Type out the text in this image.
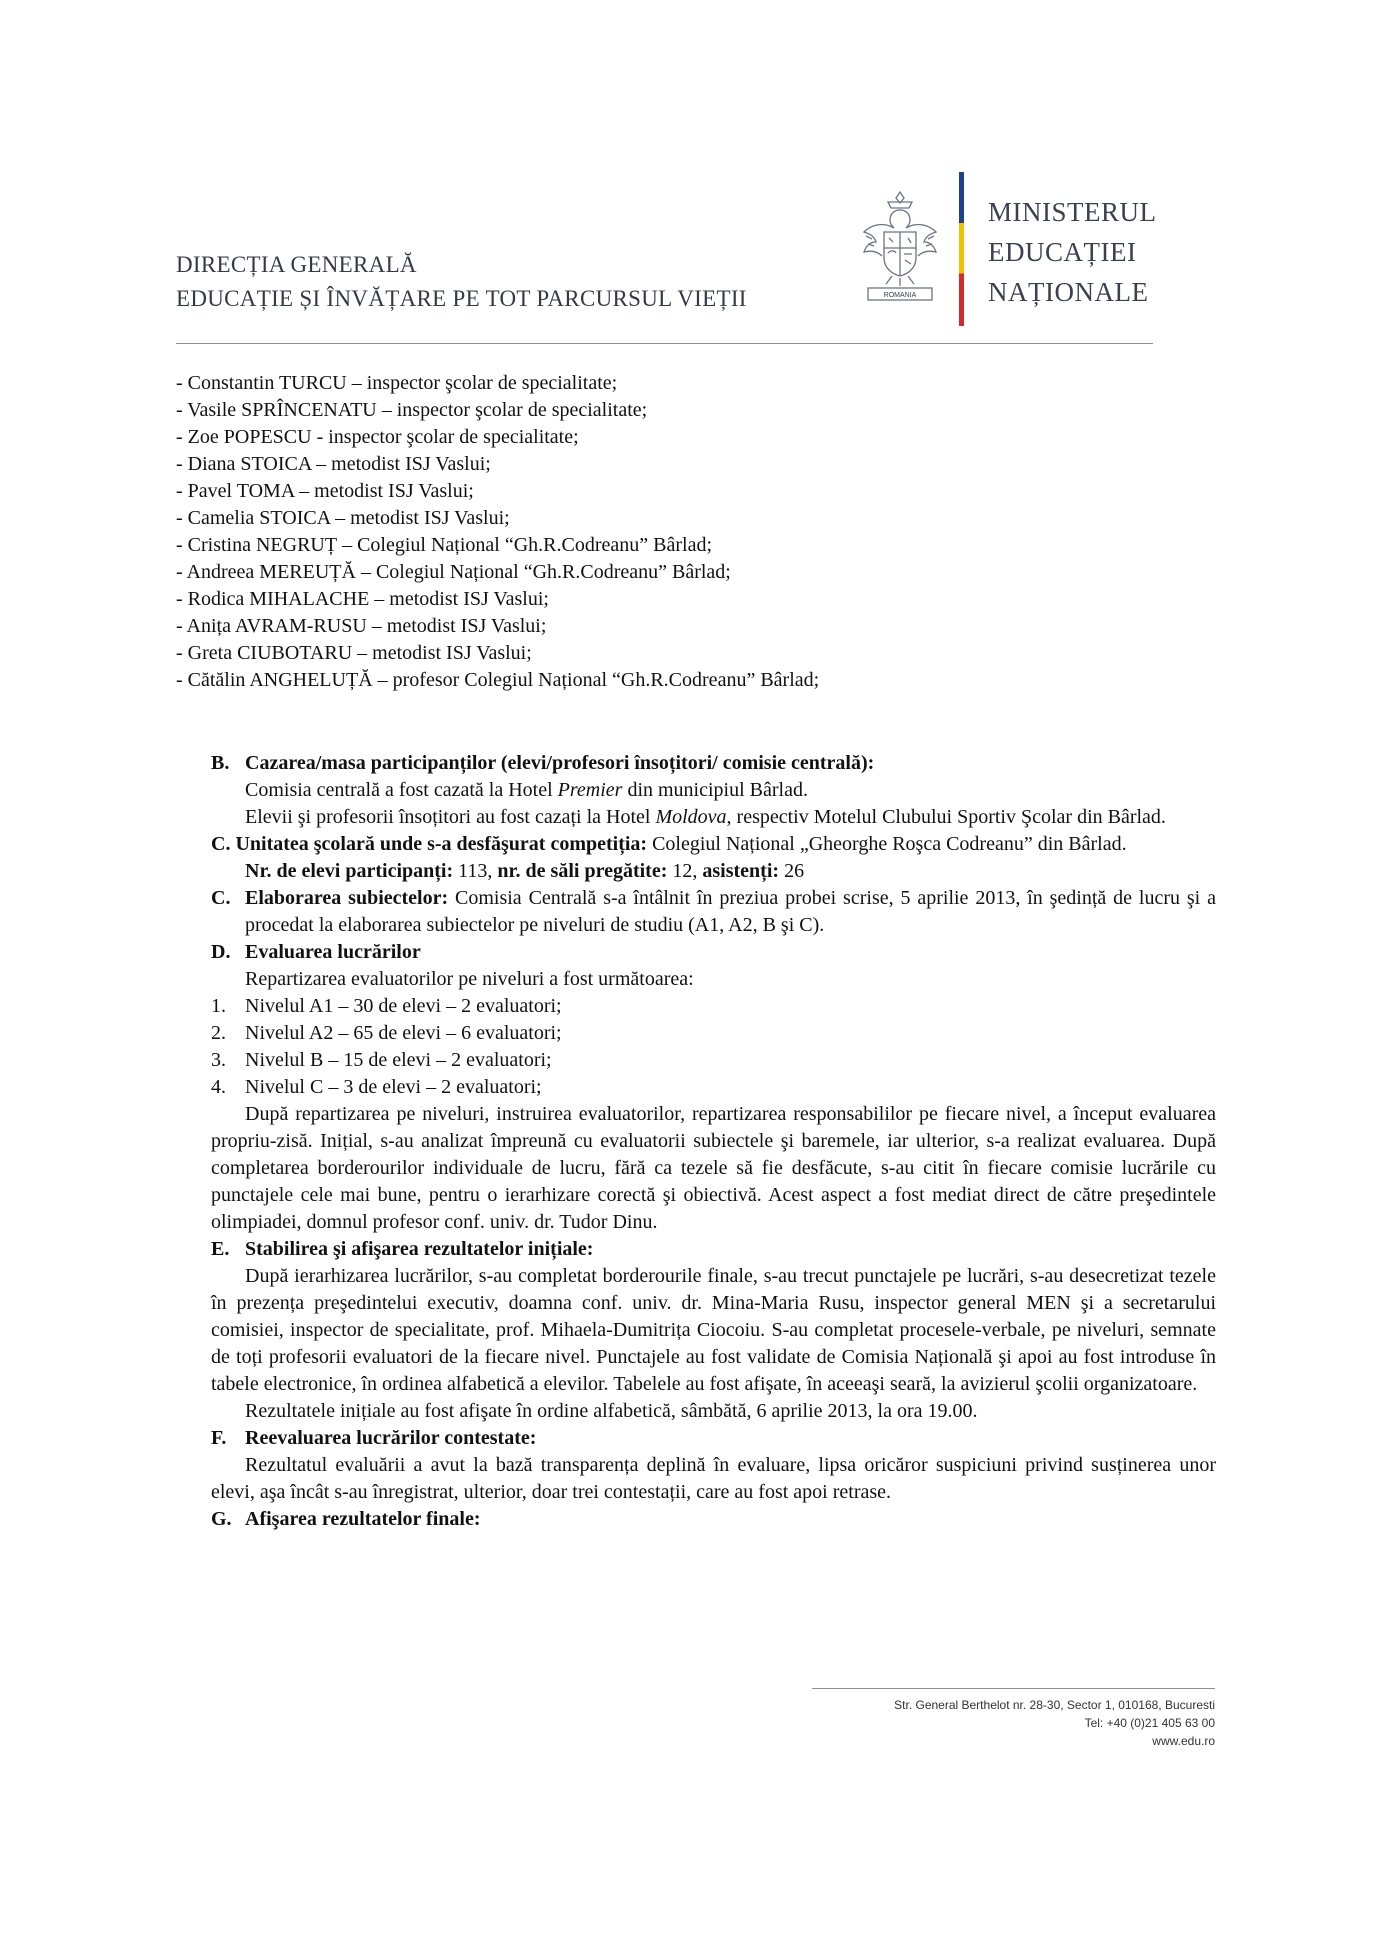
DIRECȚIA GENERALĂ
EDUCAȚIE ȘI ÎNVĂȚARE PE TOT PARCURSUL VIEȚII	ROMANIA
MINISTERUL
EDUCAȚIEI
NAȚIONALE
- Constantin TURCU – inspector şcolar de specialitate;
- Vasile SPRÎNCENATU – inspector şcolar de specialitate;
- Zoe POPESCU - inspector şcolar de specialitate;
- Diana STOICA – metodist ISJ Vaslui;
- Pavel TOMA – metodist ISJ Vaslui;
- Camelia STOICA – metodist ISJ Vaslui;
- Cristina NEGRUȚ – Colegiul Național “Gh.R.Codreanu” Bârlad;
- Andreea MEREUȚĂ – Colegiul Național “Gh.R.Codreanu” Bârlad;
- Rodica MIHALACHE – metodist ISJ Vaslui;
- Anița AVRAM-RUSU – metodist ISJ Vaslui;
- Greta CIUBOTARU – metodist ISJ Vaslui;
- Cătălin ANGHELUȚĂ – profesor Colegiul Național “Gh.R.Codreanu” Bârlad;
B. Cazarea/masa participanților (elevi/profesori însoțitori/ comisie centrală):
Comisia centrală a fost cazată la Hotel Premier din municipiul Bârlad.
Elevii şi profesorii însoțitori au fost cazați la Hotel Moldova, respectiv Motelul Clubului Sportiv Şcolar din Bârlad.
C. Unitatea şcolară unde s-a desfăşurat competiția: Colegiul Național „Gheorghe Roşca Codreanu” din Bârlad.
Nr. de elevi participanți: 113, nr. de săli pregătite: 12, asistenți: 26
C. Elaborarea subiectelor: Comisia Centrală s-a întâlnit în preziua probei scrise, 5 aprilie 2013, în şedință de lucru şi a procedat la elaborarea subiectelor pe niveluri de studiu (A1, A2, B şi C).
D. Evaluarea lucrărilor
Repartizarea evaluatorilor pe niveluri a fost următoarea:
1. Nivelul A1 – 30 de elevi – 2 evaluatori;
2. Nivelul A2 – 65 de elevi – 6 evaluatori;
3. Nivelul B – 15 de elevi – 2 evaluatori;
4. Nivelul C – 3 de elevi – 2 evaluatori;
După repartizarea pe niveluri, instruirea evaluatorilor, repartizarea responsabililor pe fiecare nivel, a început evaluarea propriu-zisă. Inițial, s-au analizat împreună cu evaluatorii subiectele şi baremele, iar ulterior, s-a realizat evaluarea. După completarea borderourilor individuale de lucru, fără ca tezele să fie desfăcute, s-au citit în fiecare comisie lucrările cu punctajele cele mai bune, pentru o ierarhizare corectă şi obiectivă. Acest aspect a fost mediat direct de către preşedintele olimpiadei, domnul profesor conf. univ. dr. Tudor Dinu.
E. Stabilirea şi afişarea rezultatelor inițiale:
După ierarhizarea lucrărilor, s-au completat borderourile finale, s-au trecut punctajele pe lucrări, s-au desecretizat tezele în prezența preşedintelui executiv, doamna conf. univ. dr. Mina-Maria Rusu, inspector general MEN şi a secretarului comisiei, inspector de specialitate, prof. Mihaela-Dumitrița Ciocoiu. S-au completat procesele-verbale, pe niveluri, semnate de toți profesorii evaluatori de la fiecare nivel. Punctajele au fost validate de Comisia Națională şi apoi au fost introduse în tabele electronice, în ordinea alfabetică a elevilor. Tabelele au fost afişate, în aceeaşi seară, la avizierul şcolii organizatoare.
Rezultatele inițiale au fost afişate în ordine alfabetică, sâmbătă, 6 aprilie 2013, la ora 19.00.
F. Reevaluarea lucrărilor contestate:
Rezultatul evaluării a avut la bază transparența deplină în evaluare, lipsa oricăror suspiciuni privind susținerea unor elevi, aşa încât s-au înregistrat, ulterior, doar trei contestații, care au fost apoi retrase.
G. Afişarea rezultatelor finale:
Str. General Berthelot nr. 28-30, Sector 1, 010168, Bucuresti
Tel: +40 (0)21 405 63 00
www.edu.ro
